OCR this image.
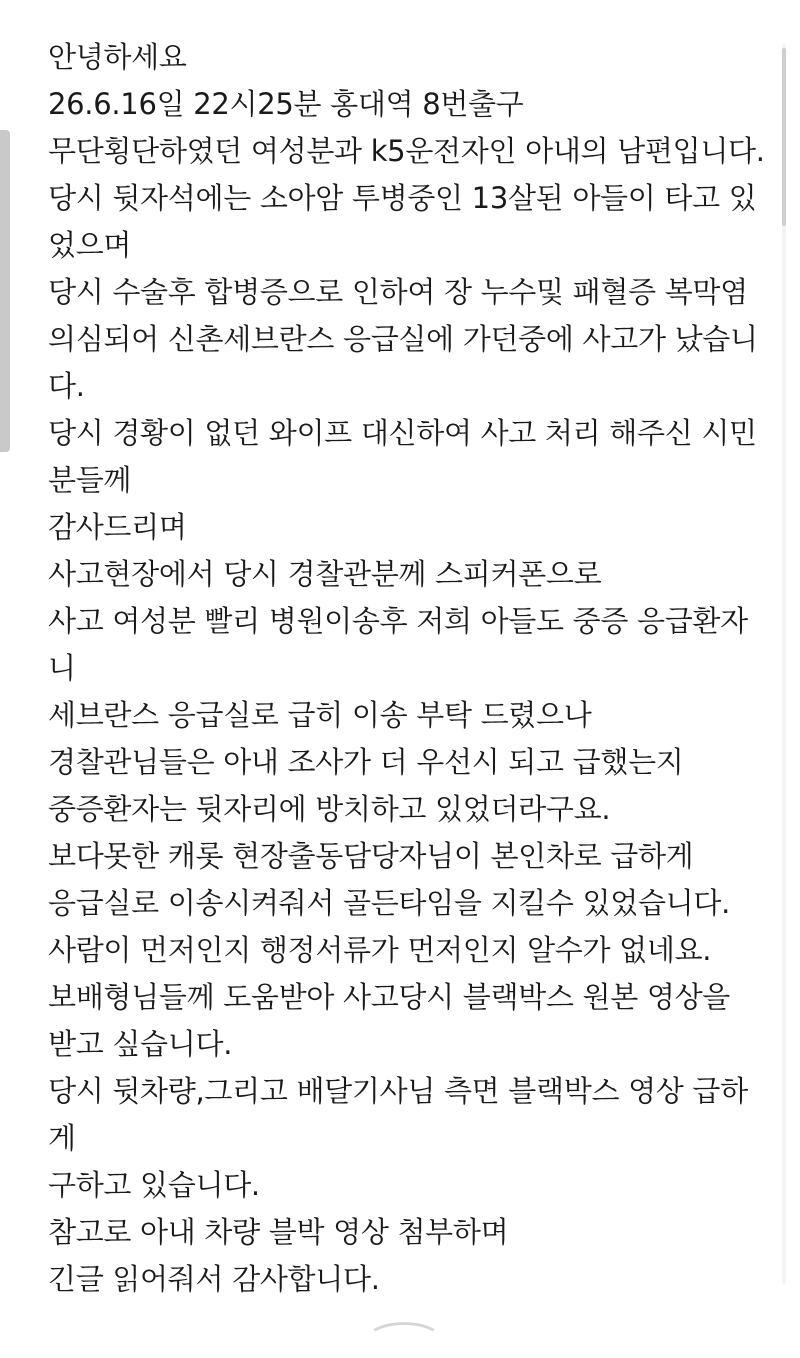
안녕하세요
26.6.16일 22시25분 홍대역 8번출구
무단횡단하였던 여성분과 k5운전자인 아내의 남편입니다.
당시 뒷자석에는 소아암 투병중인 13살된 아들이 타고 있
었으며
당시 수술후 합병증으로 인하여 장 누수및 패혈증 복막염
의심되어 신촌세브란스 응급실에 가던중에 사고가 났습니
다.
당시 경황이 없던 와이프 대신하여 사고 처리 해주신 시민
분들께
감사드리며
사고현장에서 당시 경찰관분께 스피커폰으로
사고 여성분 빨리 병원이송후 저희 아들도 중증 응급환자
니
세브란스 응급실로 급히 이송 부탁 드렸으나
경찰관님들은 아내 조사가 더 우선시 되고 급했는지
중증환자는 뒷자리에 방치하고 있었더라구요.
보다못한 캐롯 현장출동담당자님이 본인차로 급하게
응급실로 이송시켜줘서 골든타임을 지킬수 있었습니다.
사람이 먼저인지 행정서류가 먼저인지 알수가 없네요.
보배형님들께 도움받아 사고당시 블랙박스 원본 영상을
받고 싶습니다.
당시 뒷차량,그리고 배달기사님 측면 블랙박스 영상 급하
게
구하고 있습니다.
참고로 아내 차량 블박 영상 첨부하며
긴글 읽어줘서 감사합니다.
